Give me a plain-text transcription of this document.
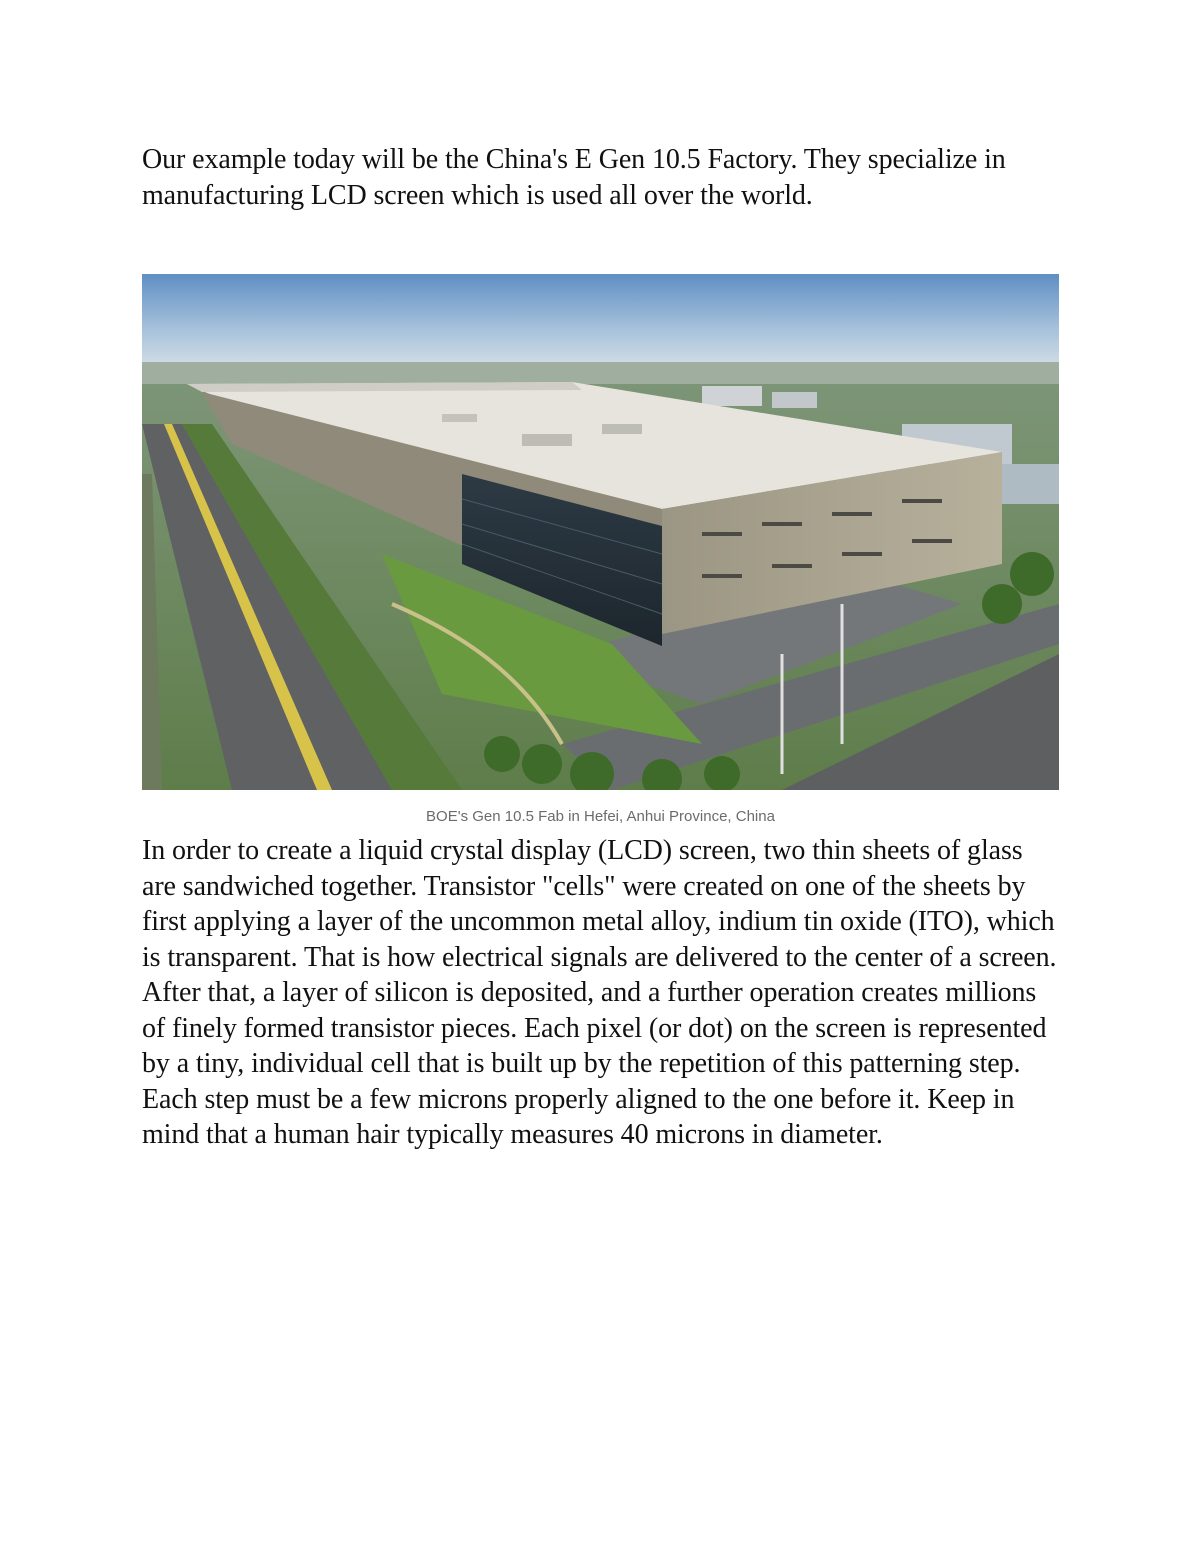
Our example today will be the China's E Gen 10.5 Factory. They specialize in manufacturing LCD screen which is used all over the world.

BOE's Gen 10.5 Fab in Hefei, Anhui Province, China

In order to create a liquid crystal display (LCD) screen, two thin sheets of glass are sandwiched together. Transistor "cells" were created on one of the sheets by first applying a layer of the uncommon metal alloy, indium tin oxide (ITO), which is transparent. That is how electrical signals are delivered to the center of a screen. After that, a layer of silicon is deposited, and a further operation creates millions of finely formed transistor pieces. Each pixel (or dot) on the screen is represented by a tiny, individual cell that is built up by the repetition of this patterning step. Each step must be a few microns properly aligned to the one before it. Keep in mind that a human hair typically measures 40 microns in diameter.
